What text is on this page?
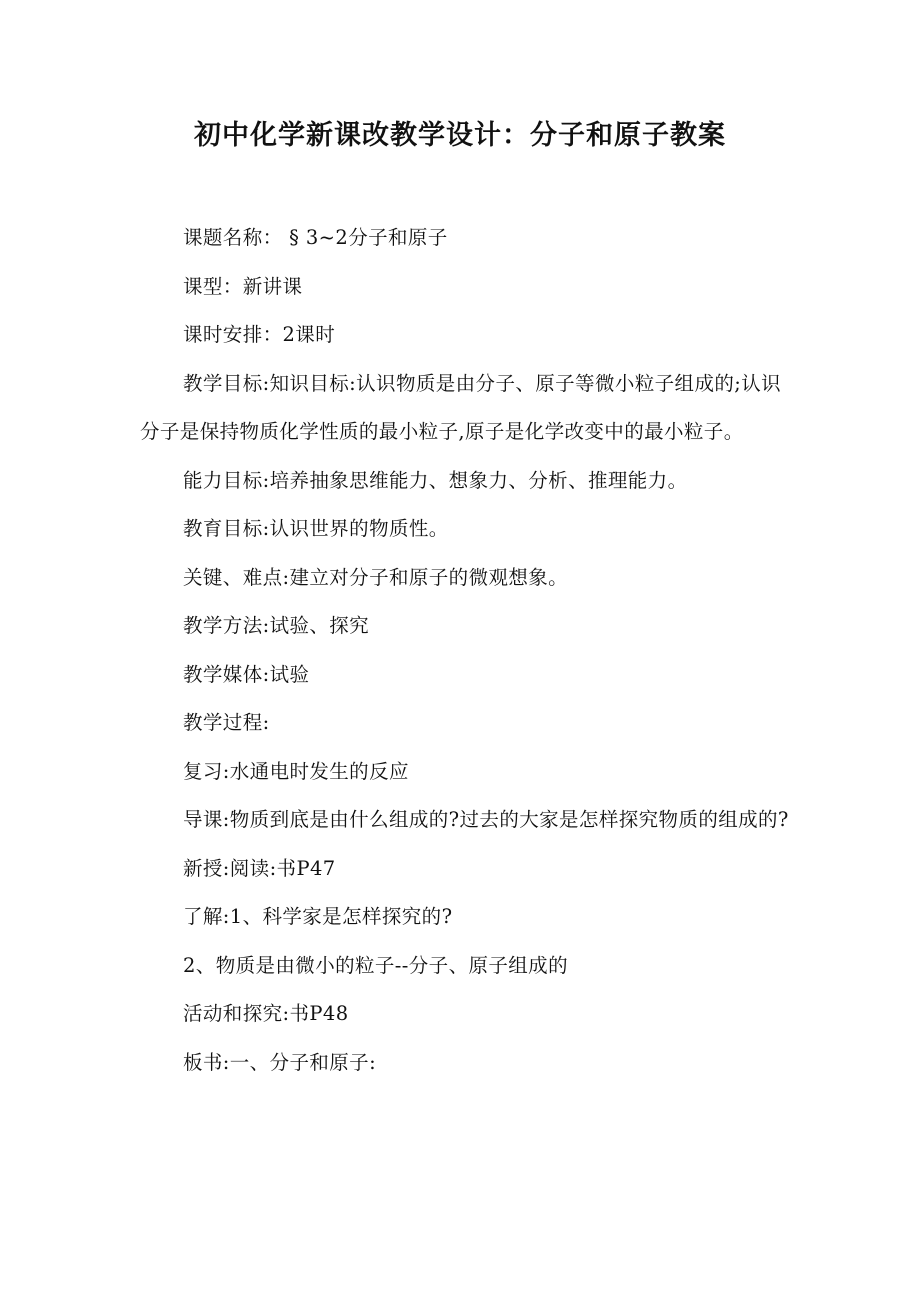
初中化学新课改教学设计：分子和原子教案

课题名称： § 3~2分子和原子

课型：新讲课

课时安排：2课时

教学目标:知识目标:认识物质是由分子、原子等微小粒子组成的;认识分子是保持物质化学性质的最小粒子,原子是化学改变中的最小粒子。

能力目标:培养抽象思维能力、想象力、分析、推理能力。

教育目标:认识世界的物质性。

关键、难点:建立对分子和原子的微观想象。

教学方法:试验、探究

教学媒体:试验

教学过程:

复习:水通电时发生的反应

导课:物质到底是由什么组成的?过去的大家是怎样探究物质的组成的?

新授:阅读:书P47

了解:1、科学家是怎样探究的?

2、物质是由微小的粒子--分子、原子组成的

活动和探究:书P48

板书:一、分子和原子:
